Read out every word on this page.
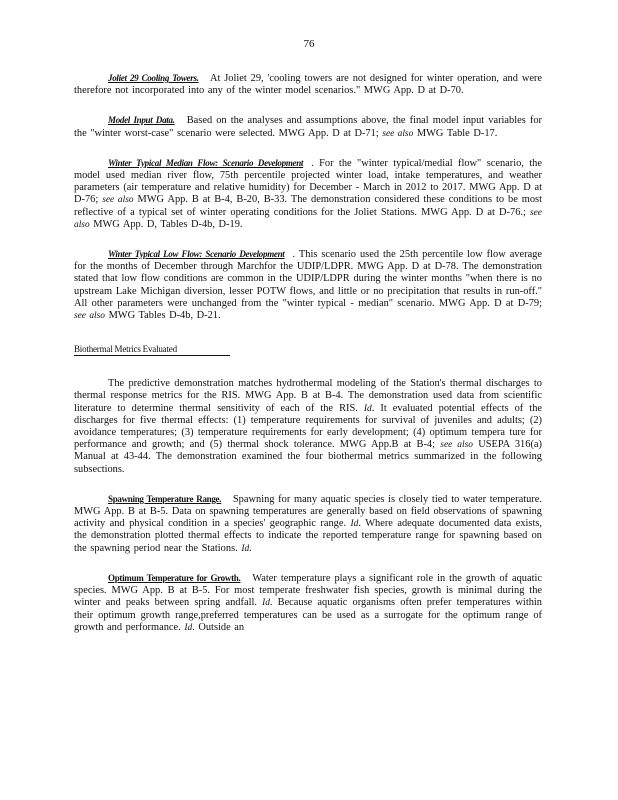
76

Joliet 29 Cooling Towers. At Joliet 29, 'cooling towers are not designed for winter operation, and were therefore not incorporated into any of the winter model scenarios." MWG App. D at D-70.

Model Input Data. Based on the analyses and assumptions above, the final model input variables for the "winter worst-case" scenario were selected. MWG App. D at D-71; see also MWG Table D-17.

Winter Typical Median Flow: Scenario Development . For the "winter typical/medial flow" scenario, the model used median river flow, 75th percentile projected winter load, intake temperatures, and weather parameters (air temperature and relative humidity) for December - March in 2012 to 2017. MWG App. D at D-76; see also MWG App. B at B-4, B-20, B-33. The demonstration considered these conditions to be most reflective of a typical set of winter operating conditions for the Joliet Stations. MWG App. D at D-76.; see also MWG App. D, Tables D-4b, D-19.

Winter Typical Low Flow: Scenario Development . This scenario used the 25th percentile low flow average for the months of December through Marchfor the UDIP/LDPR. MWG App. D at D-78. The demonstration stated that low flow conditions are common in the UDIP/LDPR during the winter months "when there is no upstream Lake Michigan diversion, lesser POTW flows, and little or no precipitation that results in run-off." All other parameters were unchanged from the "winter typical - median" scenario. MWG App. D at D-79; see also MWG Tables D-4b, D-21.

Biothermal Metrics Evaluated

The predictive demonstration matches hydrothermal modeling of the Station's thermal discharges to thermal response metrics for the RIS. MWG App. B at B-4. The demonstration used data from scientific literature to determine thermal sensitivity of each of the RIS. Id. It evaluated potential effects of the discharges for five thermal effects: (1) temperature requirements for survival of juveniles and adults; (2) avoidance temperatures; (3) temperature requirements for early development; (4) optimum tempera ture for performance and growth; and (5) thermal shock tolerance. MWG App.B at B-4; see also USEPA 316(a) Manual at 43-44. The demonstration examined the four biothermal metrics summarized in the following subsections.

Spawning Temperature Range. Spawning for many aquatic species is closely tied to water temperature. MWG App. B at B-5. Data on spawning temperatures are generally based on field observations of spawning activity and physical condition in a species' geographic range. Id. Where adequate documented data exists, the demonstration plotted thermal effects to indicate the reported temperature range for spawning based on the spawning period near the Stations. Id.

Optimum Temperature for Growth. Water temperature plays a significant role in the growth of aquatic species. MWG App. B at B-5. For most temperate freshwater fish species, growth is minimal during the winter and peaks between spring andfall. Id. Because aquatic organisms often prefer temperatures within their optimum growth range,preferred temperatures can be used as a surrogate for the optimum range of growth and performance. Id. Outside an
